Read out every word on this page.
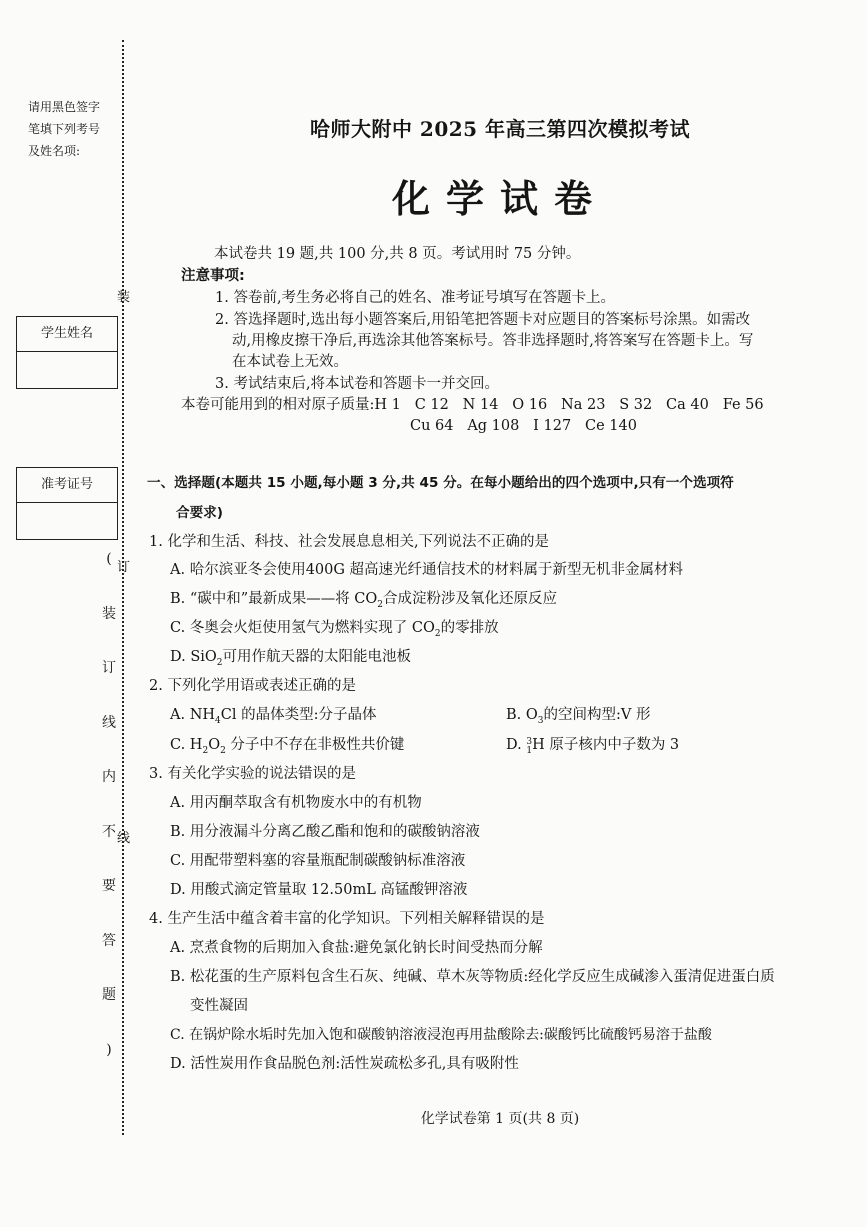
请用黑色签字
笔填下列考号
及姓名项:
装
订
线
学生姓名
准考证号
(
装
订
线
内
不
要
答
题
)
哈师大附中 2025 年高三第四次模拟考试
化学试卷
本试卷共 19 题,共 100 分,共 8 页。考试用时 75 分钟。
注意事项:
1. 答卷前,考生务必将自己的姓名、准考证号填写在答题卡上。
2. 答选择题时,选出每小题答案后,用铅笔把答题卡对应题目的答案标号涂黑。如需改
动,用橡皮擦干净后,再选涂其他答案标号。答非选择题时,将答案写在答题卡上。写
在本试卷上无效。
3. 考试结束后,将本试卷和答题卡一并交回。
本卷可能用到的相对原子质量:H 1   C 12   N 14   O 16   Na 23   S 32   Ca 40   Fe 56
Cu 64   Ag 108   I 127   Ce 140
一、选择题(本题共 15 小题,每小题 3 分,共 45 分。在每小题给出的四个选项中,只有一个选项符
合要求)
1. 化学和生活、科技、社会发展息息相关,下列说法不正确的是
A. 哈尔滨亚冬会使用400G 超高速光纤通信技术的材料属于新型无机非金属材料
B. “碳中和”最新成果——将 $CO_2$合成淀粉涉及氧化还原反应
C. 冬奥会火炬使用氢气为燃料实现了 $CO_2$的零排放
D. SiO$_2$可用作航天器的太阳能电池板
2. 下列化学用语或表述正确的是
A. $NH_4Cl$ 的晶体类型:分子晶体	B. $O_3$的空间构型:V 形
C. $H_2O_2$ 分子中不存在非极性共价键	D. 3
1 H 原子核内中子数为 3
3. 有关化学实验的说法错误的是
A. 用丙酮萃取含有机物废水中的有机物
B. 用分液漏斗分离乙酸乙酯和饱和的碳酸钠溶液
C. 用配带塑料塞的容量瓶配制碳酸钠标准溶液
D. 用酸式滴定管量取 12.50mL 高锰酸钾溶液
4. 生产生活中蕴含着丰富的化学知识。下列相关解释错误的是
A. 烹煮食物的后期加入食盐:避免氯化钠长时间受热而分解
B. 松花蛋的生产原料包含生石灰、纯碱、草木灰等物质:经化学反应生成碱渗入蛋清促进蛋白质
变性凝固
C. 在锅炉除水垢时先加入饱和碳酸钠溶液浸泡再用盐酸除去:碳酸钙比硫酸钙易溶于盐酸
D. 活性炭用作食品脱色剂:活性炭疏松多孔,具有吸附性
化学试卷第 1 页(共 8 页)
